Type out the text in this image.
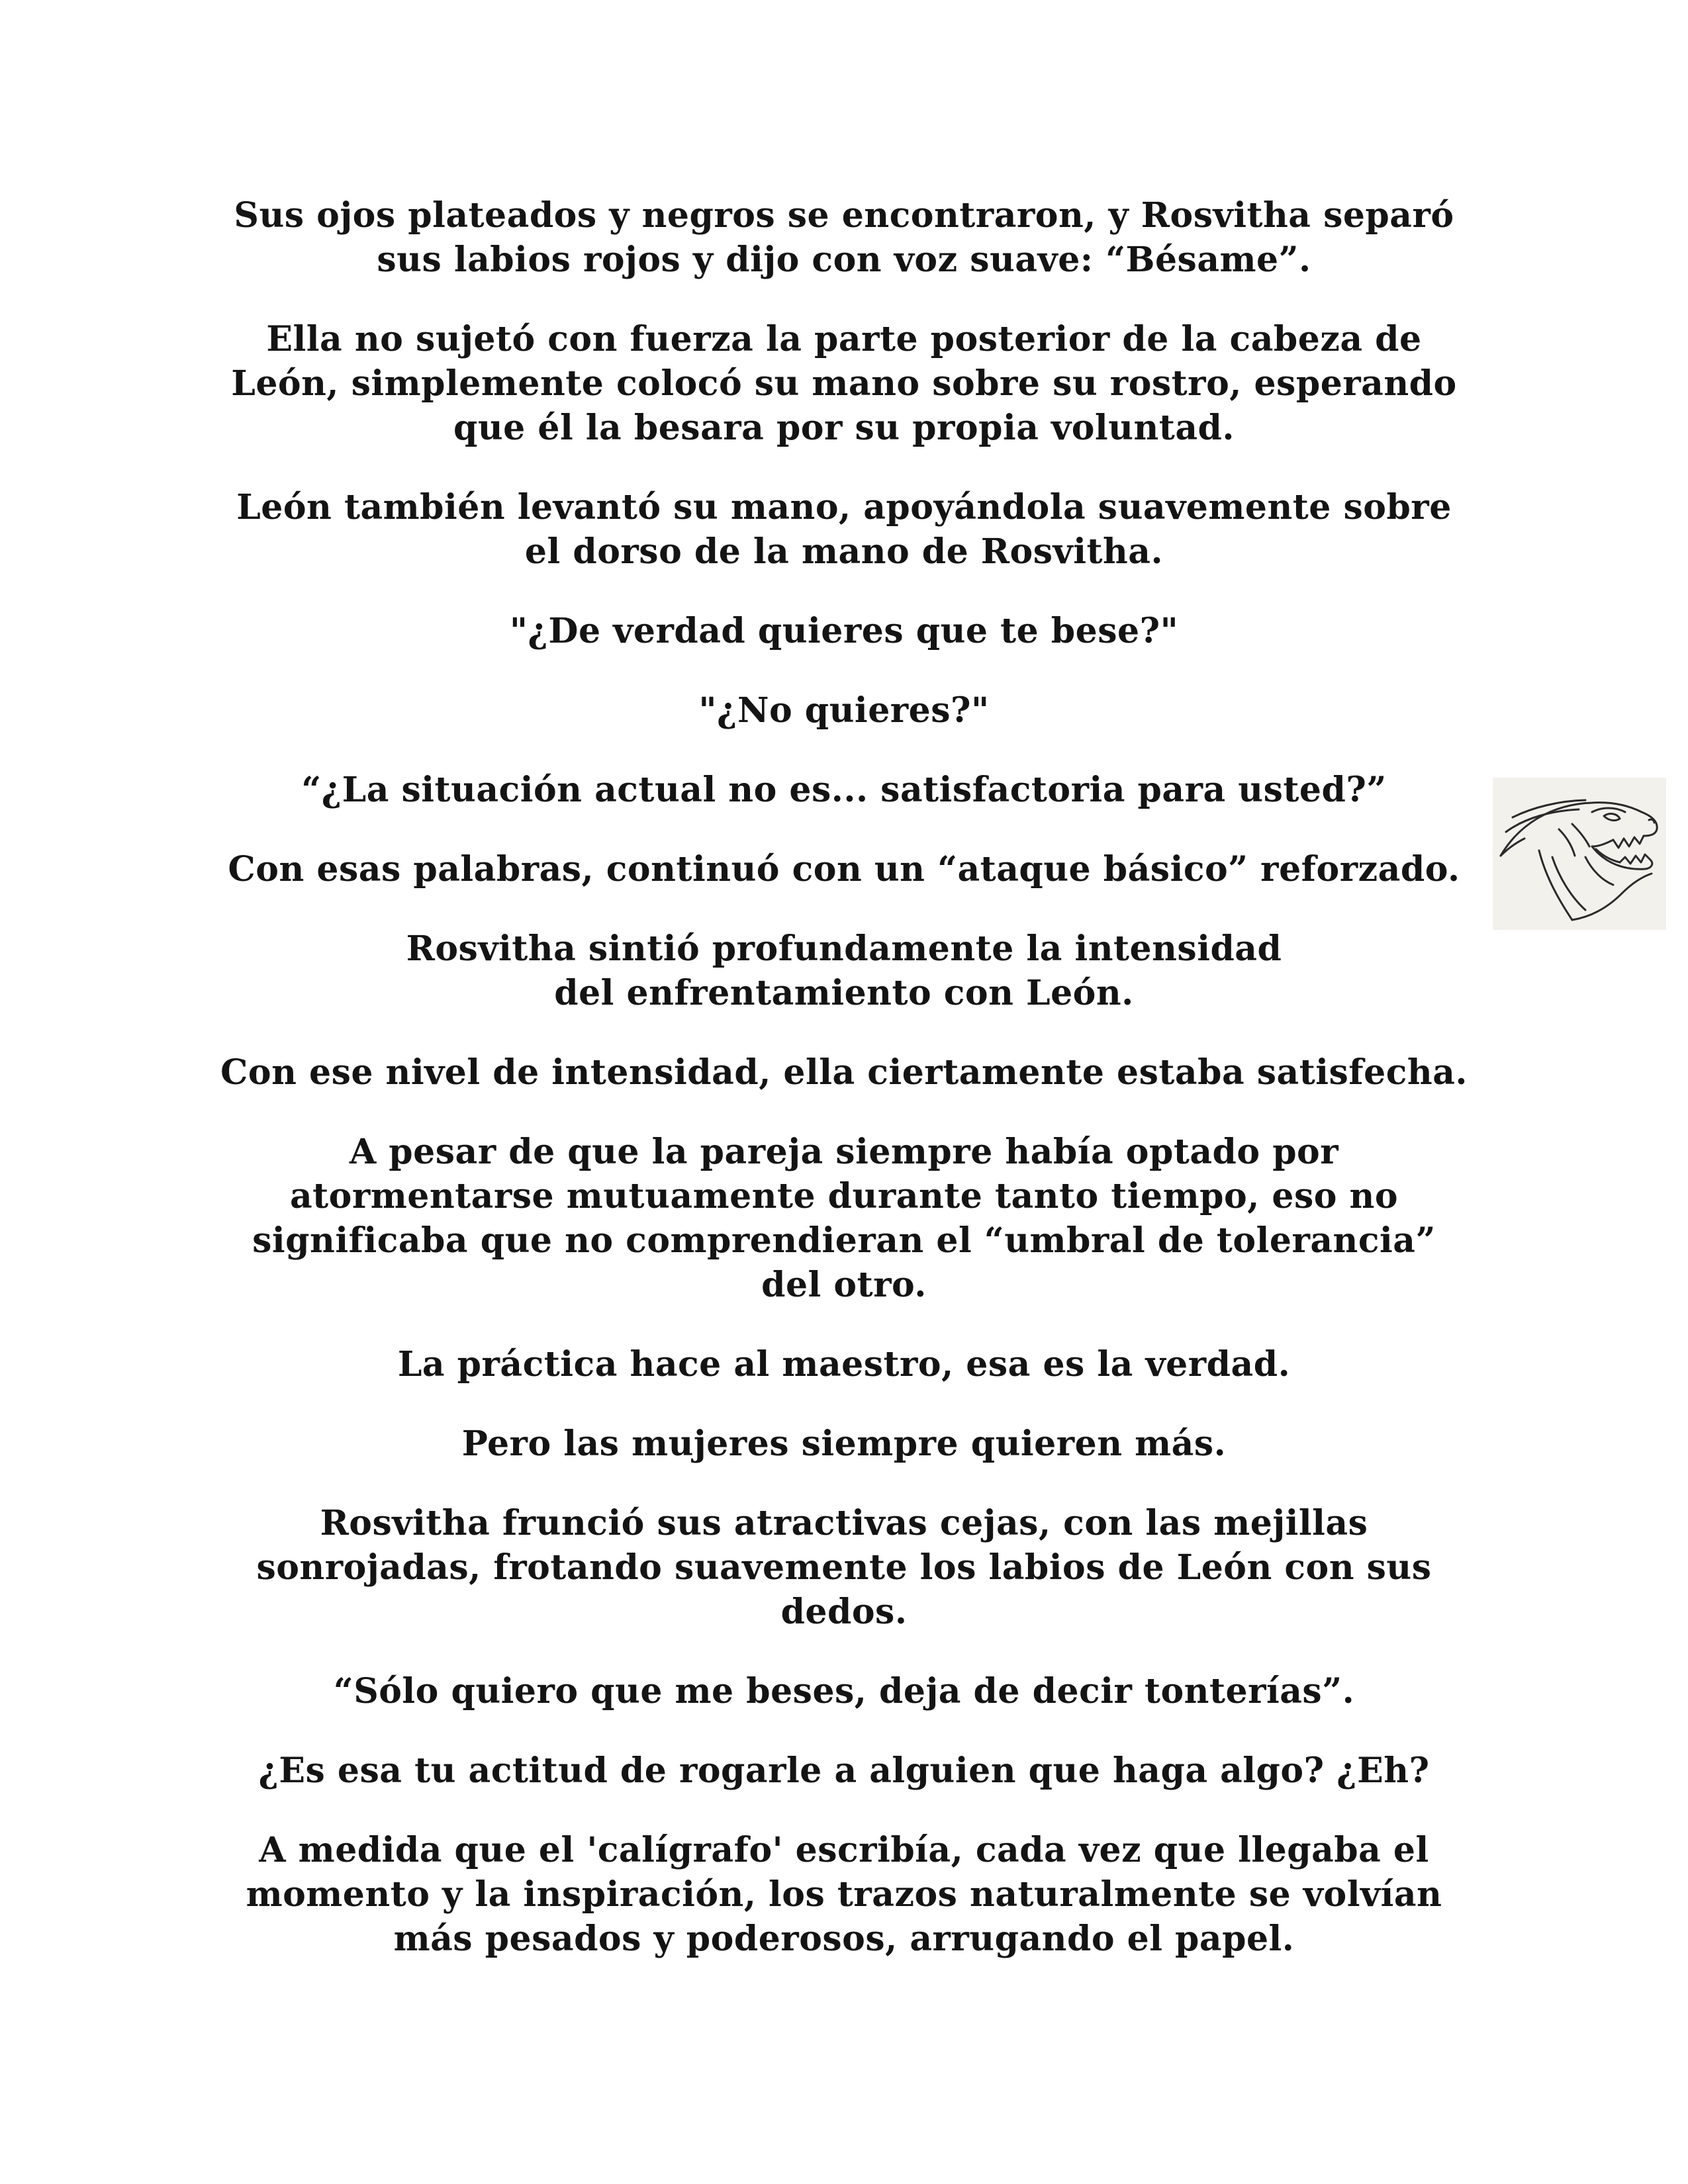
Sus ojos plateados y negros se encontraron, y Rosvitha separó sus labios rojos y dijo con voz suave: “Bésame”.

Ella no sujetó con fuerza la parte posterior de la cabeza de León, simplemente colocó su mano sobre su rostro, esperando que él la besara por su propia voluntad.

León también levantó su mano, apoyándola suavemente sobre el dorso de la mano de Rosvitha.

"¿De verdad quieres que te bese?"

"¿No quieres?"

“¿La situación actual no es... satisfactoria para usted?”

Con esas palabras, continuó con un “ataque básico” reforzado.

Rosvitha sintió profundamente la intensidad del enfrentamiento con León.

Con ese nivel de intensidad, ella ciertamente estaba satisfecha.

A pesar de que la pareja siempre había optado por atormentarse mutuamente durante tanto tiempo, eso no significaba que no comprendieran el “umbral de tolerancia” del otro.

La práctica hace al maestro, esa es la verdad.

Pero las mujeres siempre quieren más.

Rosvitha frunció sus atractivas cejas, con las mejillas sonrojadas, frotando suavemente los labios de León con sus dedos.

“Sólo quiero que me beses, deja de decir tonterías”.

¿Es esa tu actitud de rogarle a alguien que haga algo? ¿Eh?

A medida que el 'calígrafo' escribía, cada vez que llegaba el momento y la inspiración, los trazos naturalmente se volvían más pesados y poderosos, arrugando el papel.
